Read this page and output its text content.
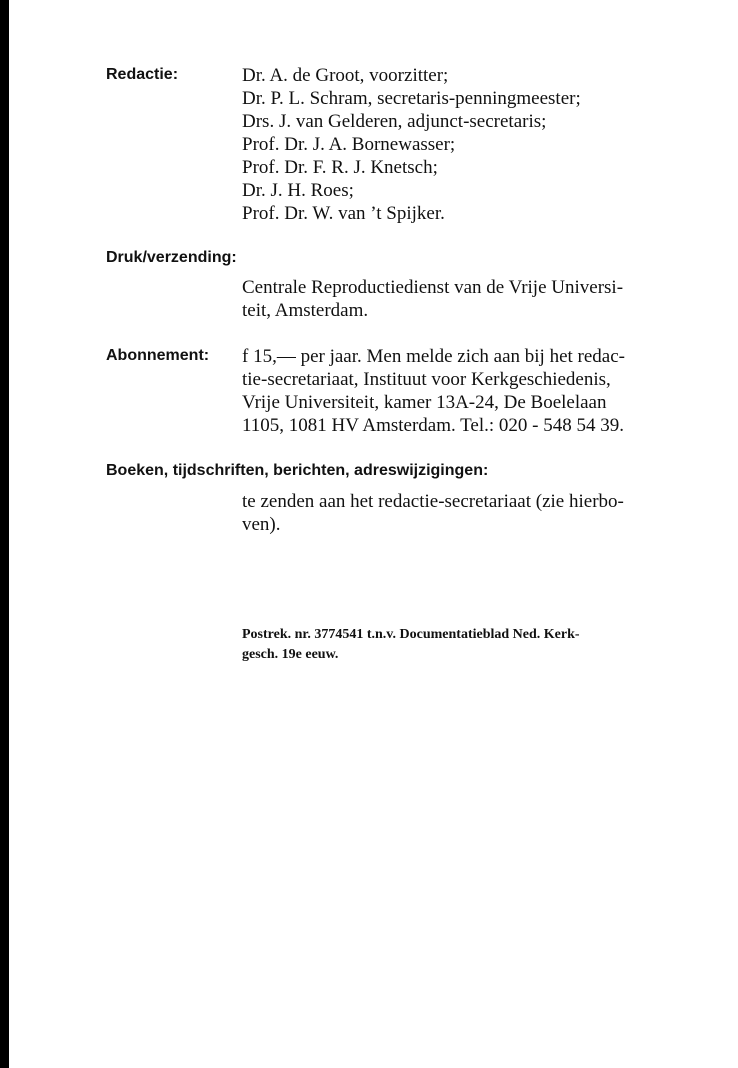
Redactie:	Dr. A. de Groot, voorzitter;
Dr. P. L. Schram, secretaris-penningmeester;
Drs. J. van Gelderen, adjunct-secretaris;
Prof. Dr. J. A. Bornewasser;
Prof. Dr. F. R. J. Knetsch;
Dr. J. H. Roes;
Prof. Dr. W. van ’t Spijker.
Druk/verzending:
Centrale Reproductiedienst van de Vrije Universi-
teit, Amsterdam.
Abonnement: f 15,— per jaar. Men melde zich aan bij het redac-
tie-secretariaat, Instituut voor Kerkgeschiedenis,
Vrije Universiteit, kamer 13A-24, De Boelelaan
1105, 1081 HV Amsterdam. Tel.: 020 - 548 54 39.
Boeken, tijdschriften, berichten, adreswijzigingen:
te zenden aan het redactie-secretariaat (zie hierbo-
ven).
Postrek. nr. 3774541 t.n.v. Documentatieblad Ned. Kerk-
gesch. 19e eeuw.
